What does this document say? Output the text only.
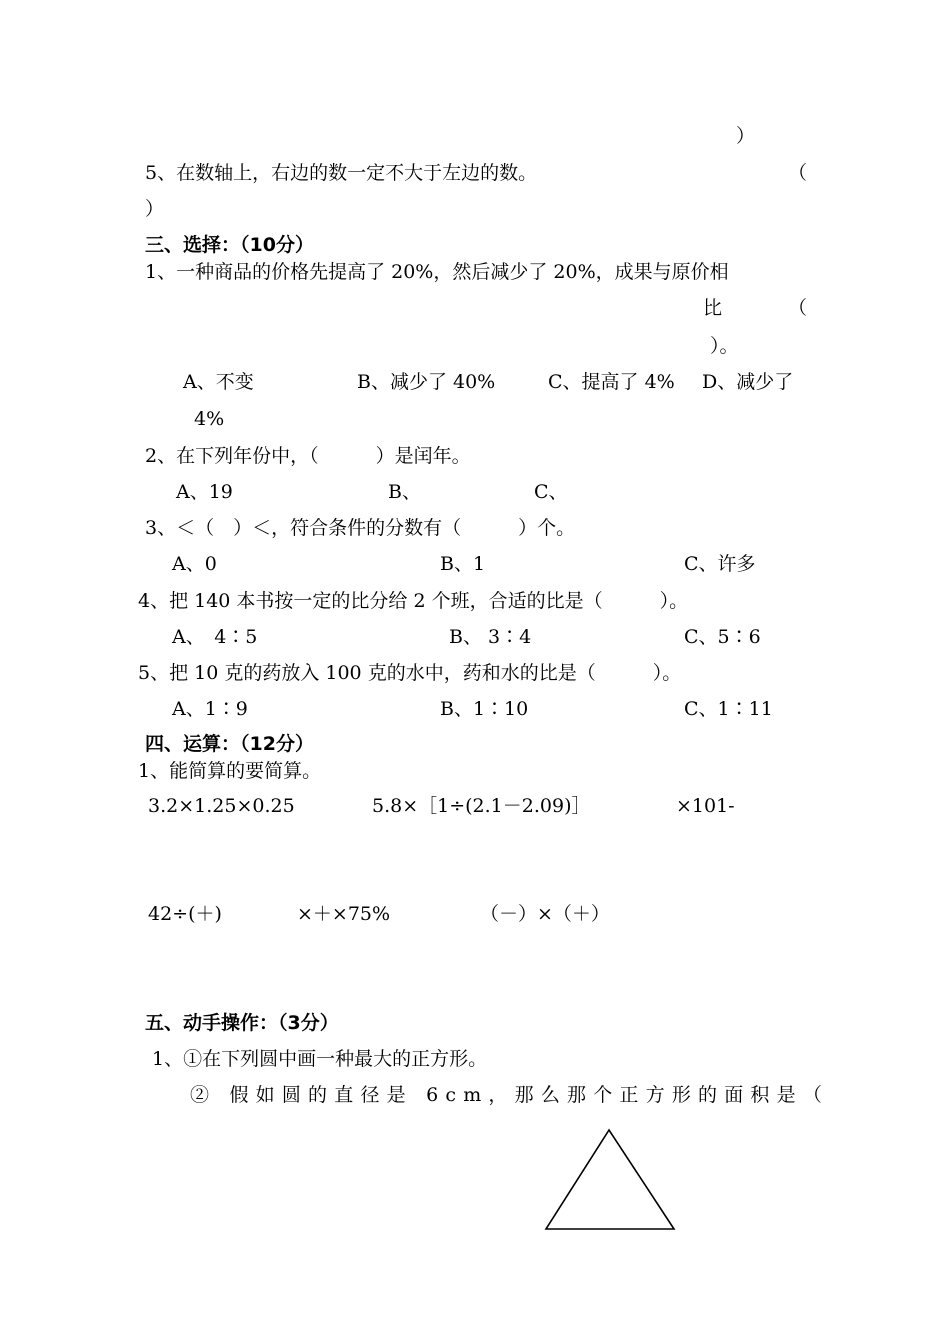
）
5、在数轴上，右边的数一定不大于左边的数。	（
）
三、选择：（10分）
1、一种商品的价格先提高了 20%，然后减少了 20%，成果与原价相
比	（
）。
A、不变	B、减少了 40%	C、提高了 4% D、减少了
4%
2、在下列年份中，（　　　）是闰年。
A、19	B、	C、
3、＜（　）＜，符合条件的分数有（　　　）个。
A、0	B、1	C、许多
4、把 140 本书按一定的比分给 2 个班，合适的比是（　　　）。
A、　4∶5	B、 3∶4	C、5∶6
5、把 10 克的药放入 100 克的水中，药和水的比是（　　　）。
A、1∶9	B、1∶10	C、1∶11
四、运算：（12分）
1、能简算的要简算。
3.2×1.25×0.25	5.8×［1÷(2.1－2.09)］	×101-
42÷(＋)	×＋×75%	（－）×（＋）
五、动手操作：（3分）
1、①在下列圆中画一种最大的正方形。
② 假如圆的直径是 6cm，那么那个正方形的面积是（
